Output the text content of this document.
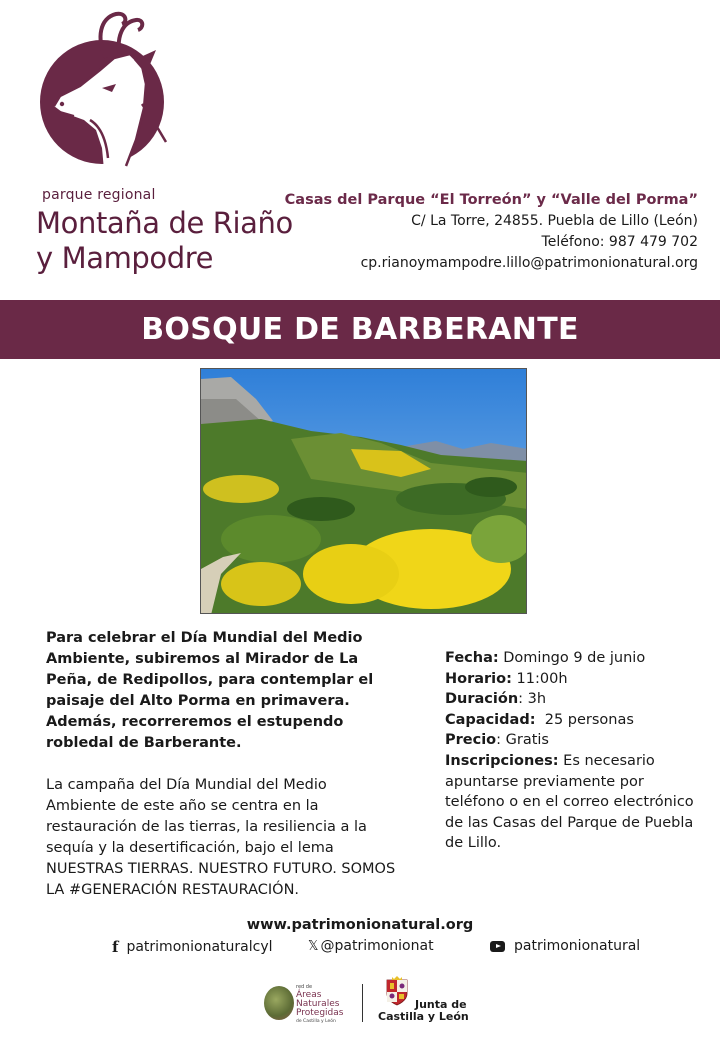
parque regional
Montaña de Riaño
y Mampodre
Casas del Parque “El Torreón” y “Valle del Porma”
C/ La Torre, 24855. Puebla de Lillo (León)
Teléfono: 987 479 702
cp.rianoymampodre.lillo@patrimonionatural.org
BOSQUE DE BARBERANTE

Para celebrar el Día Mundial del Medio Ambiente, subiremos al Mirador de La Peña, de Redipollos, para contemplar el paisaje del Alto Porma en primavera. Además, recorreremos el estupendo robledal de Barberante.

La campaña del Día Mundial del Medio Ambiente de este año se centra en la restauración de las tierras, la resiliencia a la sequía y la desertificación, bajo el lema NUESTRAS TIERRAS. NUESTRO FUTURO. SOMOS LA #GENERACIÓN RESTAURACIÓN.

Fecha: Domingo 9 de junio
Horario: 11:00h
Duración: 3h
Capacidad:  25 personas
Precio: Gratis
Inscripciones: Es necesario apuntarse previamente por teléfono o en el correo electrónico de las Casas del Parque de Puebla de Lillo.
www.patrimonionatural.org
f patrimonionaturalcyl	𝕏 @patrimonionat	patrimonionatural
red de
Áreas
Naturales
Protegidas
de Castilla y León
Junta de
Castilla y León
